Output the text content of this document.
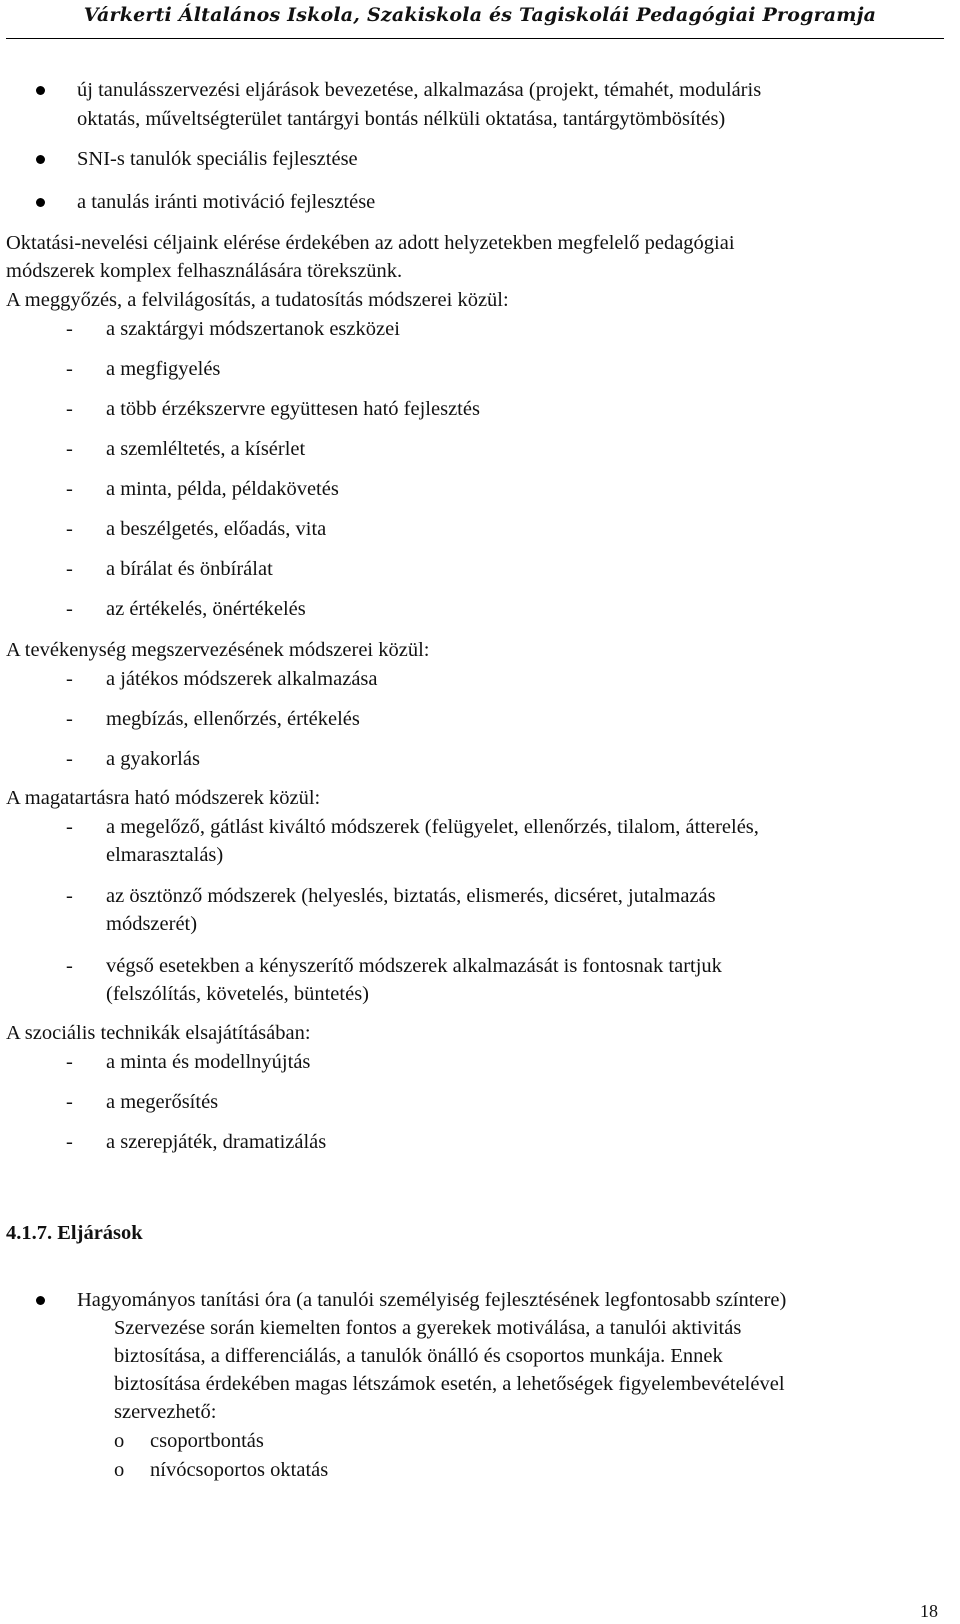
Várkerti Általános Iskola, Szakiskola és Tagiskolái Pedagógiai Programja
új tanulásszervezési eljárások bevezetése, alkalmazása (projekt, témahét, moduláris
oktatás, műveltségterület tantárgyi bontás nélküli oktatása, tantárgytömbösítés)
SNI-s tanulók speciális fejlesztése
a tanulás iránti motiváció fejlesztése
Oktatási-nevelési céljaink elérése érdekében az adott helyzetekben megfelelő pedagógiai
módszerek komplex felhasználására törekszünk.
A meggyőzés, a felvilágosítás, a tudatosítás módszerei közül:
- a szaktárgyi módszertanok eszközei
- a megfigyelés
- a több érzékszervre együttesen ható fejlesztés
- a szemléltetés, a kísérlet
- a minta, példa, példakövetés
- a beszélgetés, előadás, vita
- a bírálat és önbírálat
- az értékelés, önértékelés
A tevékenység megszervezésének módszerei közül:
- a játékos módszerek alkalmazása
- megbízás, ellenőrzés, értékelés
- a gyakorlás
A magatartásra ható módszerek közül:
- a megelőző, gátlást kiváltó módszerek (felügyelet, ellenőrzés, tilalom, átterelés,
elmarasztalás)
- az ösztönző módszerek (helyeslés, biztatás, elismerés, dicséret, jutalmazás
módszerét)
- végső esetekben a kényszerítő módszerek alkalmazását is fontosnak tartjuk
(felszólítás, követelés, büntetés)
A szociális technikák elsajátításában:
- a minta és modellnyújtás
- a megerősítés
- a szerepjáték, dramatizálás
4.1.7. Eljárások
Hagyományos tanítási óra (a tanulói személyiség fejlesztésének legfontosabb színtere)
Szervezése során kiemelten fontos a gyerekek motiválása, a tanulói aktivitás
biztosítása, a differenciálás, a tanulók önálló és csoportos munkája. Ennek
biztosítása érdekében magas létszámok esetén, a lehetőségek figyelembevételével
szervezhető:
o csoportbontás
o nívócsoportos oktatás
18
